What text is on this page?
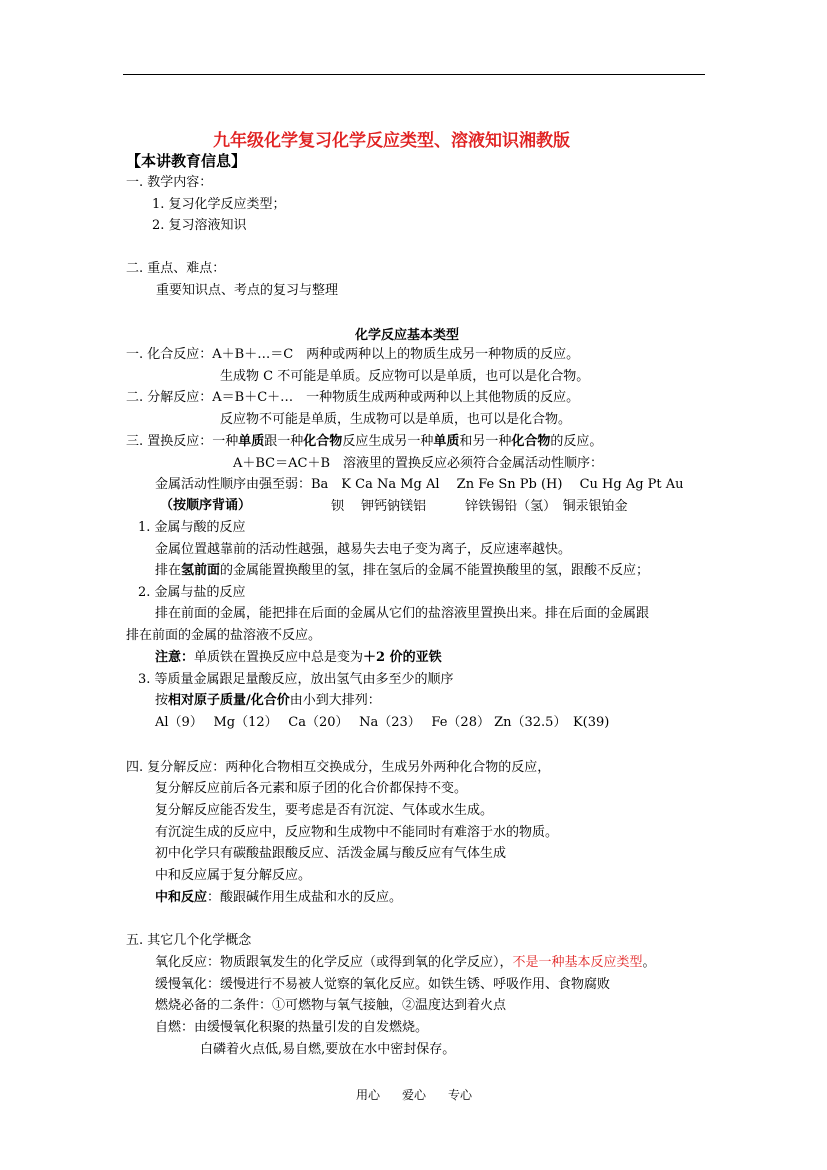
九年级化学复习化学反应类型、溶液知识湘教版
【本讲教育信息】
一. 教学内容：
1. 复习化学反应类型；
2. 复习溶液知识
二. 重点、难点：
重要知识点、考点的复习与整理
化学反应基本类型
一. 化合反应：A＋B＋…＝C　两种或两种以上的物质生成另一种物质的反应。
生成物 C 不可能是单质。反应物可以是单质，也可以是化合物。
二. 分解反应：A＝B＋C＋…　一种物质生成两种或两种以上其他物质的反应。
反应物不可能是单质，生成物可以是单质，也可以是化合物。
三. 置换反应：一种单质跟一种化合物反应生成另一种单质和另一种化合物的反应。
A＋BC＝AC＋B　溶液里的置换反应必须符合金属活动性顺序：
金属活动性顺序由强至弱：Ba　K Ca Na Mg Al　 Zn Fe Sn Pb (H)　 Cu Hg Ag Pt Au
（按顺序背诵）	钡　 钾钙钠镁铝　　　锌铁锡铅（氢）　铜汞银铂金
1. 金属与酸的反应
金属位置越靠前的活动性越强，越易失去电子变为离子，反应速率越快。
排在氢前面的金属能置换酸里的氢，排在氢后的金属不能置换酸里的氢，跟酸不反应；
2. 金属与盐的反应
排在前面的金属，能把排在后面的金属从它们的盐溶液里置换出来。排在后面的金属跟
排在前面的金属的盐溶液不反应。
注意：单质铁在置换反应中总是变为＋2 价的亚铁
3. 等质量金属跟足量酸反应，放出氢气由多至少的顺序
按相对原子质量/化合价由小到大排列：
Al（9）　 Mg（12）　 Ca（20）　 Na（23）　 Fe（28） Zn（32.5）　K(39)
四. 复分解反应：两种化合物相互交换成分，生成另外两种化合物的反应，
复分解反应前后各元素和原子团的化合价都保持不变。
复分解反应能否发生，要考虑是否有沉淀、气体或水生成。
有沉淀生成的反应中，反应物和生成物中不能同时有难溶于水的物质。
初中化学只有碳酸盐跟酸反应、活泼金属与酸反应有气体生成
中和反应属于复分解反应。
中和反应：酸跟碱作用生成盐和水的反应。
五. 其它几个化学概念
氧化反应：物质跟氧发生的化学反应（或得到氧的化学反应），不是一种基本反应类型。
缓慢氧化：缓慢进行不易被人觉察的氧化反应。如铁生锈、呼吸作用、食物腐败
燃烧必备的二条件：①可燃物与氧气接触，②温度达到着火点
自燃：由缓慢氧化积聚的热量引发的自发燃烧。
白磷着火点低,易自燃,要放在水中密封保存。
用心 爱心 专心
